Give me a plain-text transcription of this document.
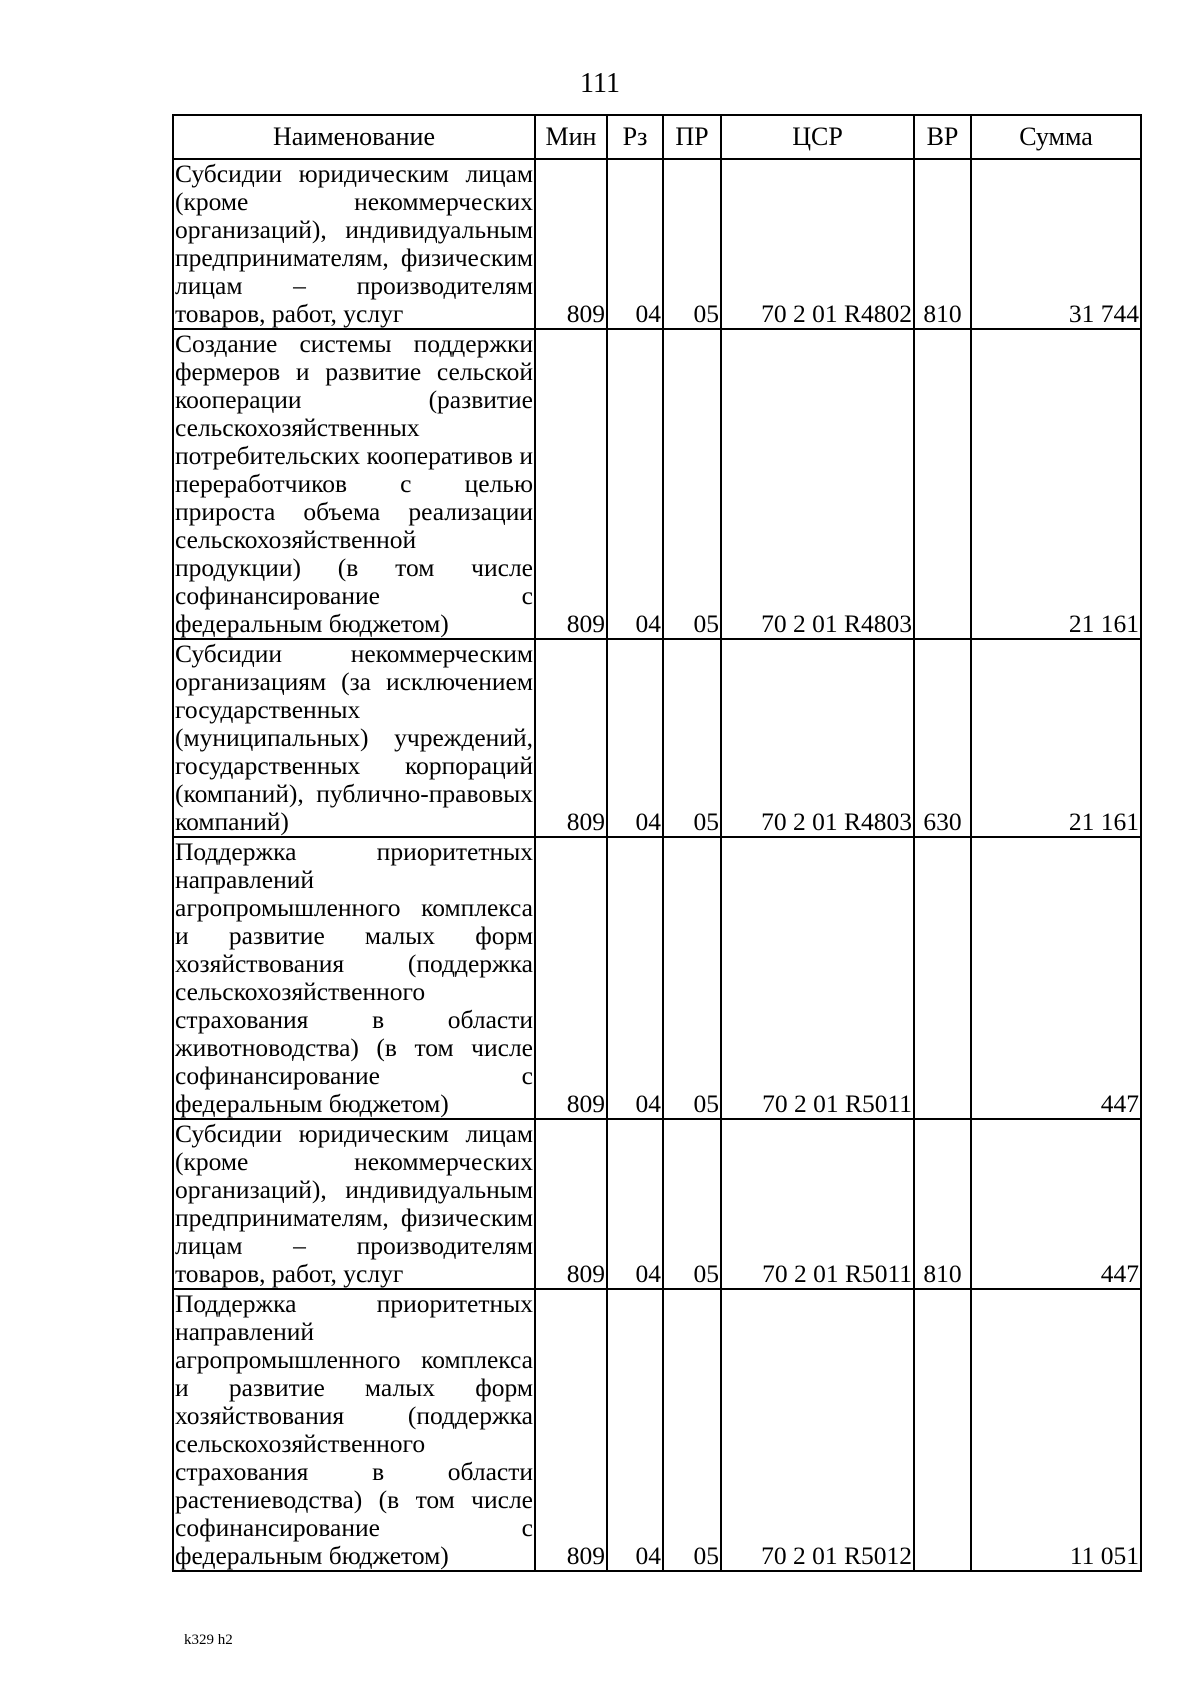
111
Наименование	Мин	Рз	ПР	ЦСР	ВР	Сумма
Субсидии юридическим лицам (кроме некоммерческих организаций), индивидуальным предпринимателям, физическим лицам – производителям товаров, работ, услуг	809	04	05	70 2 01 R4802	810	31 744
Создание системы поддержки фермеров и развитие сельской кооперации (развитие сельскохозяйственных потребительских кооперативов и переработчиков с целью прироста объема реализации сельскохозяйственной продукции) (в том числе софинансирование с федеральным бюджетом)	809	04	05	70 2 01 R4803		21 161
Субсидии некоммерческим организациям (за исключением государственных (муниципальных) учреждений, государственных корпораций (компаний), публично-правовых компаний)	809	04	05	70 2 01 R4803	630	21 161
Поддержка приоритетных направлений агропромышленного комплекса и развитие малых форм хозяйствования (поддержка сельскохозяйственного страхования в области животноводства) (в том числе софинансирование с федеральным бюджетом)	809	04	05	70 2 01 R5011		447
Субсидии юридическим лицам (кроме некоммерческих организаций), индивидуальным предпринимателям, физическим лицам – производителям товаров, работ, услуг	809	04	05	70 2 01 R5011	810	447
Поддержка приоритетных направлений агропромышленного комплекса и развитие малых форм хозяйствования (поддержка сельскохозяйственного страхования в области растениеводства) (в том числе софинансирование с федеральным бюджетом)	809	04	05	70 2 01 R5012		11 051
k329 h2
